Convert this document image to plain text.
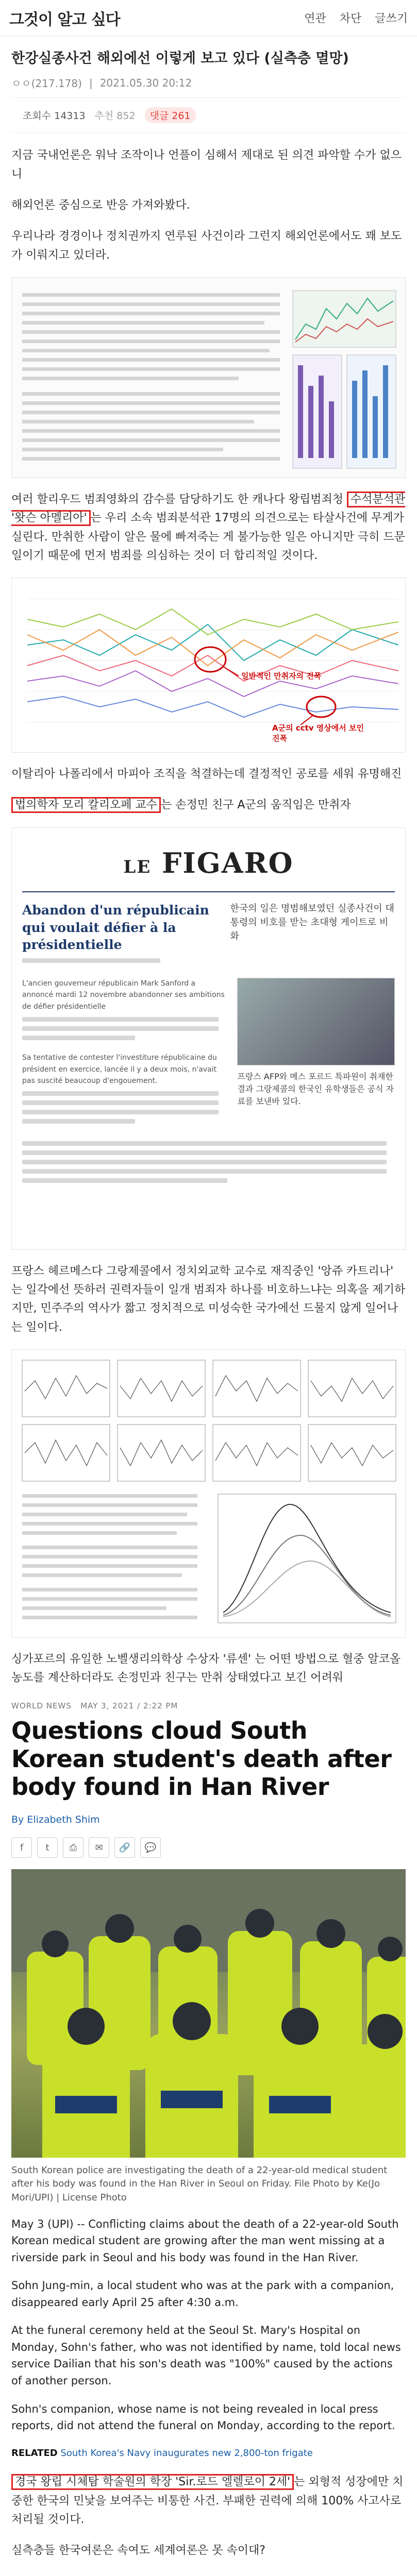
그것이 알고 싶다	연관 차단 글쓰기
한강실종사건 해외에선 이렇게 보고 있다 (실측층 멸망)
ㅇㅇ(217.178) | 2021.05.30 20:12
조회수 14313 추천 852	댓글 261

지금 국내언론은 워낙 조작이나 언플이 심해서 제대로 된 의견 파악할 수가 없으니

해외언론 중심으로 반응 가져와봤다.

우리나라 경경이나 정치권까지 연루된 사건이라 그런지 해외언론에서도 꽤 보도가 이뤄지고 있더라.

여러 할리우드 범죄영화의 감수를 담당하기도 한 캐나다 왕립범죄청 수석분석관 '왓슨 아멜리아' 는 우리 소속 범죄분석관 17명의 의견으로는 타살사건에 무게가 실린다. 만취한 사람이 알은 물에 빠져죽는 게 불가능한 일은 아니지만 극히 드문 일이기 때문에 먼저 범죄를 의심하는 것이 더 합리적일 것이다.

일반적인 만취자의 진폭
A군의 cctv 영상에서 보인 진폭

이탈리아 나폴리에서 마피아 조직을 척결하는데 결정적인 공로를 세워 유명해진

법의학자 모리 칼리오페 교수 는 손정민 친구 A군의 움직임은 만취자

LE FIGARO
Abandon d'un républicain qui voulait défier à la présidentielle
한국의 일은 명범해보였던 실종사건이 대통령의 비호를 받는 초대형 게이트로 비화
L'ancien gouverneur républicain Mark Sanford a annoncé mardi 12 novembre abandonner ses ambitions de défier présidentielle
Sa tentative de contester l'investiture républicaine du président en exercice, lancée il y a deux mois, n'avait pas suscité beaucoup d'engouement.	프랑스 AFP와 메스 포르드 특파원이 취재한 결과 그랑제콜의 한국인 유학생들은 공식 자료를 보낸바 있다.

프랑스 헤르메스다 그랑제콜에서 정치외교학 교수로 재직중인 '앙쥬 카트리나' 는 일각에선 뜻하러 권력자들이 일개 범죄자 하나를 비호하느냐는 의혹을 제기하지만, 민주주의 역사가 짧고 정치적으로 미성숙한 국가에선 드물지 않게 일어나는 일이다.

싱가포르의 유일한 노벨생리의학상 수상자 '류센' 는 어떤 방법으로 혈중 알코올 농도를 계산하더라도 손정민과 친구는 만취 상태였다고 보긴 어려워

WORLD NEWS MAY 3, 2021 / 2:22 PM
Questions cloud South Korean student's death after body found in Han River
By Elizabeth Shim
f	t	⎙	✉	🔗	💬
South Korean police are investigating the death of a 22-year-old medical student after his body was found in the Han River in Seoul on Friday. File Photo by Ke(Jo Mori/UPI) | License Photo
May 3 (UPI) -- Conflicting claims about the death of a 22-year-old South Korean medical student are growing after the man went missing at a riverside park in Seoul and his body was found in the Han River.
Sohn Jung-min, a local student who was at the park with a companion, disappeared early April 25 after 4:30 a.m.
At the funeral ceremony held at the Seoul St. Mary's Hospital on Monday, Sohn's father, who was not identified by name, told local news service Dailian that his son's death was "100%" caused by the actions of another person.
Sohn's companion, whose name is not being revealed in local press reports, did not attend the funeral on Monday, according to the report.
RELATED South Korea's Navy inaugurates new 2,800-ton frigate

경국 왕립 시체탐 학술원의 학장 'Sir.로드 엘렐로이 2세' 는 외형적 성장에만 치중한 한국의 민낯을 보여주는 비통한 사건. 부패한 권력에 의해 100% 사고사로 처리될 것이다.

실측층들 한국여론은 속여도 세계여론은 못 속이대?
